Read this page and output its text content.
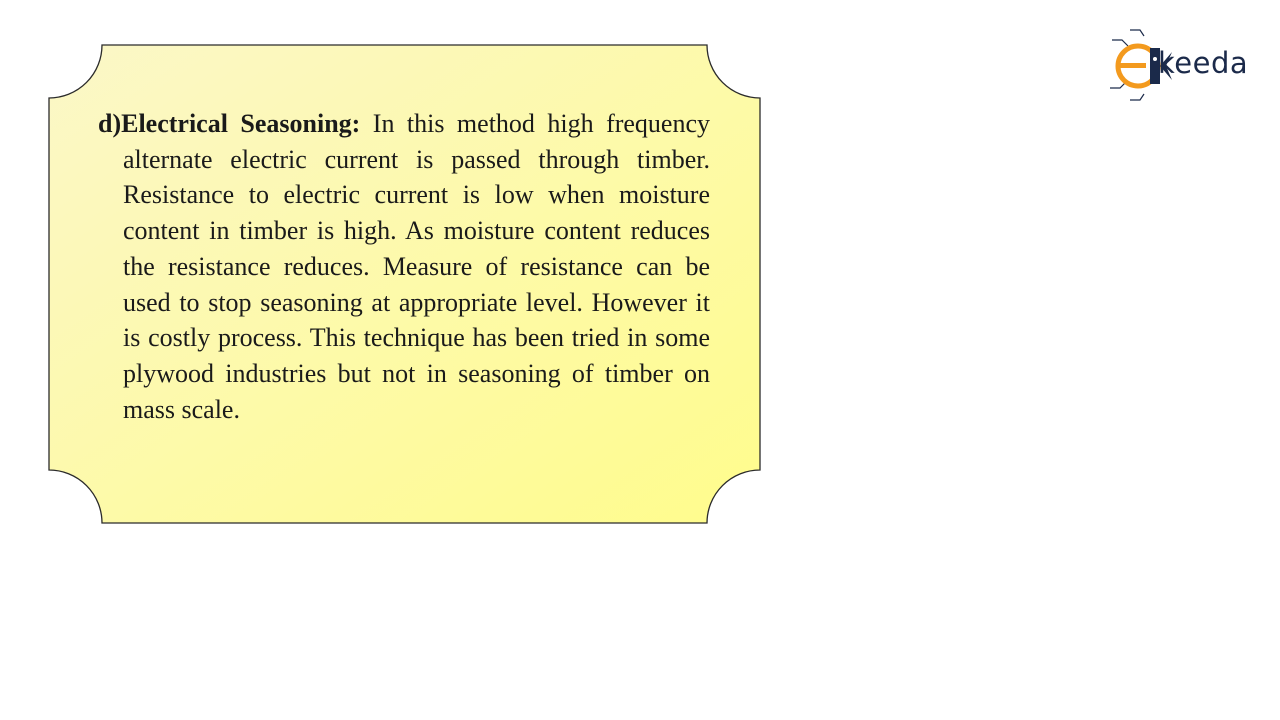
d)Electrical Seasoning: In this method high frequency alternate electric current is passed through timber. Resistance to electric current is low when moisture content in timber is high. As moisture content reduces the resistance reduces. Measure of resistance can be used to stop seasoning at appropriate level. However it is costly process. This technique has been tried in some plywood industries but not in seasoning of timber on mass scale.

keeda
